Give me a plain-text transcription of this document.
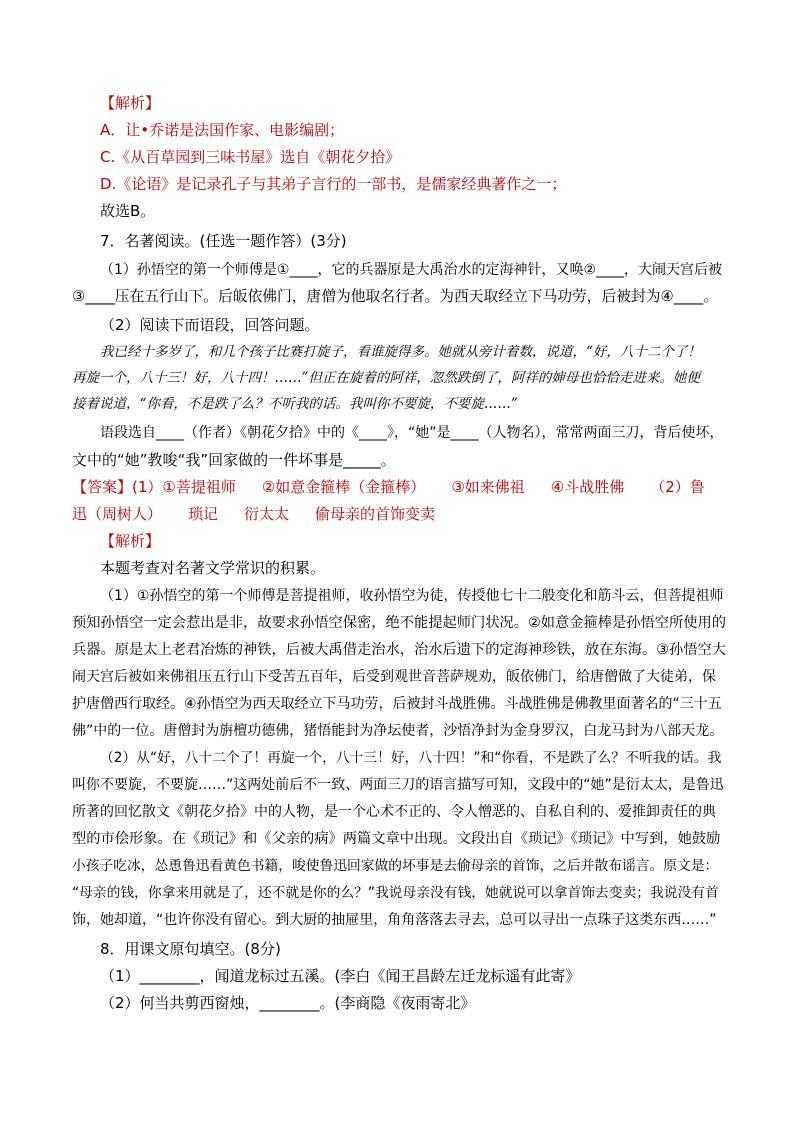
【解析】
A．让•乔诺是法国作家、电影编剧；
C.《从百草园到三味书屋》选自《朝花夕拾》
D.《论语》是记录孔子与其弟子言行的一部书，是儒家经典著作之一；
故选B。
7．名著阅读。(任选一题作答）(3分)
（1）孙悟空的第一个师傅是①____，它的兵器原是大禹治水的定海神针，又唤②____，大闹天宫后被
③____压在五行山下。后皈依佛门，唐僧为他取名行者。为西天取经立下马功劳，后被封为④____。
（2）阅读下而语段，回答问题。
我已经十多岁了，和几个孩子比赛打旋子，看谁旋得多。她就从旁计着数，说道，“好，八十二个了！
再旋一个，八十三！好，八十四！……”但正在旋着的阿祥，忽然跌倒了，阿祥的婶母也恰恰走进来。她便
接着说道，“你看，不是跌了么？不听我的话。我叫你不要旋，不要旋……”
语段选自____（作者）《朝花夕拾》中的《____》，“她”是____（人物名），常常两面三刀，背后使坏，
文中的“她”教唆“我”回家做的一件坏事是_____。
【答案】(1）①菩提祖师 ②如意金箍棒（金箍棒） ③如来佛祖 ④斗战胜佛 （2）鲁
迅（周树人） 琐记 衍太太 偷母亲的首饰变卖
【解析】
本题考查对名著文学常识的积累。
（1）①孙悟空的第一个师傅是菩提祖师，收孙悟空为徒，传授他七十二般变化和筋斗云，但菩提祖师
预知孙悟空一定会惹出是非，故要求孙悟空保密，绝不能提起师门状况。②如意金箍棒是孙悟空所使用的
兵器。原是太上老君冶炼的神铁，后被大禹借走治水，治水后遗下的定海神珍铁，放在东海。③孙悟空大
闹天宫后被如来佛祖压五行山下受苦五百年，后受到观世音菩萨规劝，皈依佛门，给唐僧做了大徒弟，保
护唐僧西行取经。④孙悟空为西天取经立下马功劳，后被封斗战胜佛。斗战胜佛是佛教里面著名的“三十五
佛”中的一位。唐僧封为旃檀功德佛，猪悟能封为净坛使者，沙悟净封为金身罗汉，白龙马封为八部天龙。
（2）从“好，八十二个了！再旋一个，八十三！好，八十四！”和“你看，不是跌了么？不听我的话。我
叫你不要旋，不要旋……”这两处前后不一致、两面三刀的语言描写可知，文段中的“她”是衍太太，是鲁迅
所著的回忆散文《朝花夕拾》中的人物，是一个心术不正的、令人憎恶的、自私自利的、爱推卸责任的典
型的市侩形象。在《琐记》和《父亲的病》两篇文章中出现。文段出自《琐记》《琐记》中写到，她鼓励
小孩子吃冰，怂恿鲁迅看黄色书籍，唆使鲁迅回家做的坏事是去偷母亲的首饰，之后并散布谣言。原文是：
“母亲的钱，你拿来用就是了，还不就是你的么？”我说母亲没有钱，她就说可以拿首饰去变卖；我说没有首
饰，她却道，“也许你没有留心。到大厨的抽屉里，角角落落去寻去，总可以寻出一点珠子这类东西……”
8．用课文原句填空。(8分)
（1）________，闻道龙标过五溪。(李白《闻王昌龄左迁龙标遥有此寄》
（2）何当共剪西窗烛，________。(李商隐《夜雨寄北》
